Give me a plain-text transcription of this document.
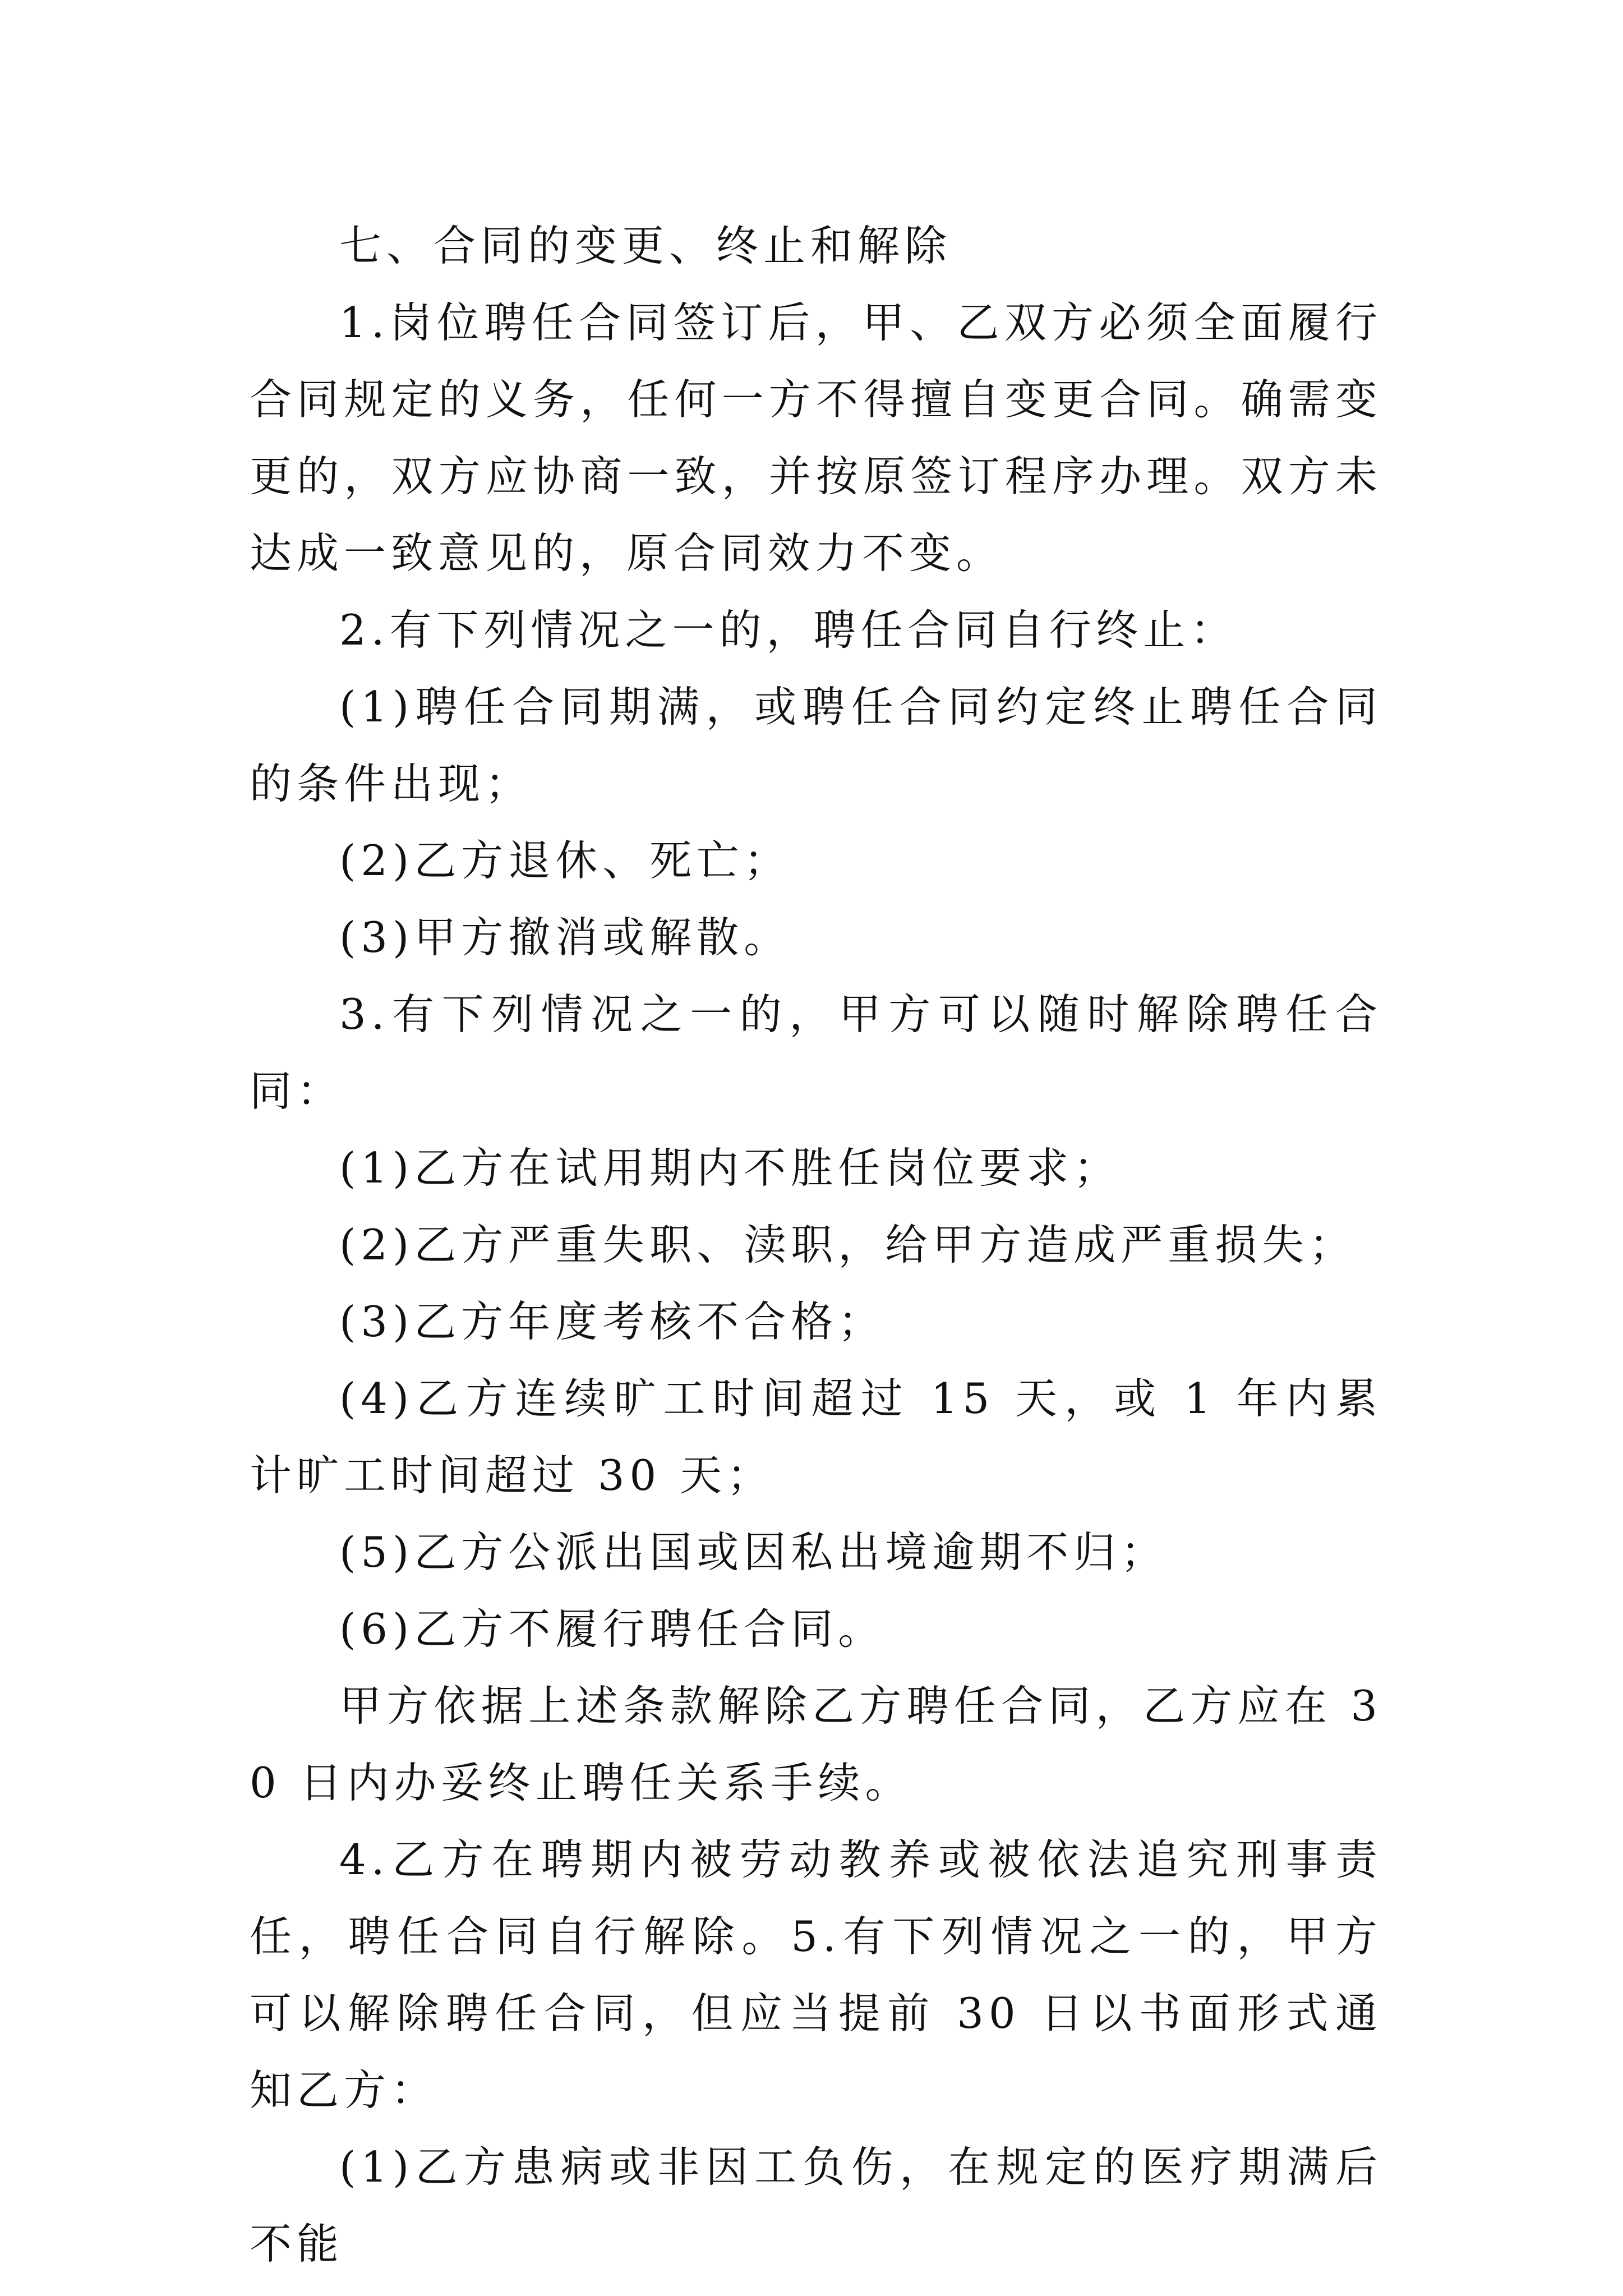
七、合同的变更、终止和解除

1.岗位聘任合同签订后，甲、乙双方必须全面履行合同规定的义务，任何一方不得擅自变更合同。确需变更的，双方应协商一致，并按原签订程序办理。双方未达成一致意见的，原合同效力不变。

2.有下列情况之一的，聘任合同自行终止：

(1)聘任合同期满，或聘任合同约定终止聘任合同的条件出现；

(2)乙方退休、死亡；

(3)甲方撤消或解散。

3.有下列情况之一的，甲方可以随时解除聘任合同：

(1)乙方在试用期内不胜任岗位要求；

(2)乙方严重失职、渎职，给甲方造成严重损失；

(3)乙方年度考核不合格；

(4)乙方连续旷工时间超过 15 天，或 1 年内累计旷工时间超过 30 天；

(5)乙方公派出国或因私出境逾期不归；

(6)乙方不履行聘任合同。

甲方依据上述条款解除乙方聘任合同，乙方应在 30 日内办妥终止聘任关系手续。

4.乙方在聘期内被劳动教养或被依法追究刑事责任，聘任合同自行解除。5.有下列情况之一的，甲方可以解除聘任合同，但应当提前 30 日以书面形式通知乙方：

(1)乙方患病或非因工负伤，在规定的医疗期满后不能
